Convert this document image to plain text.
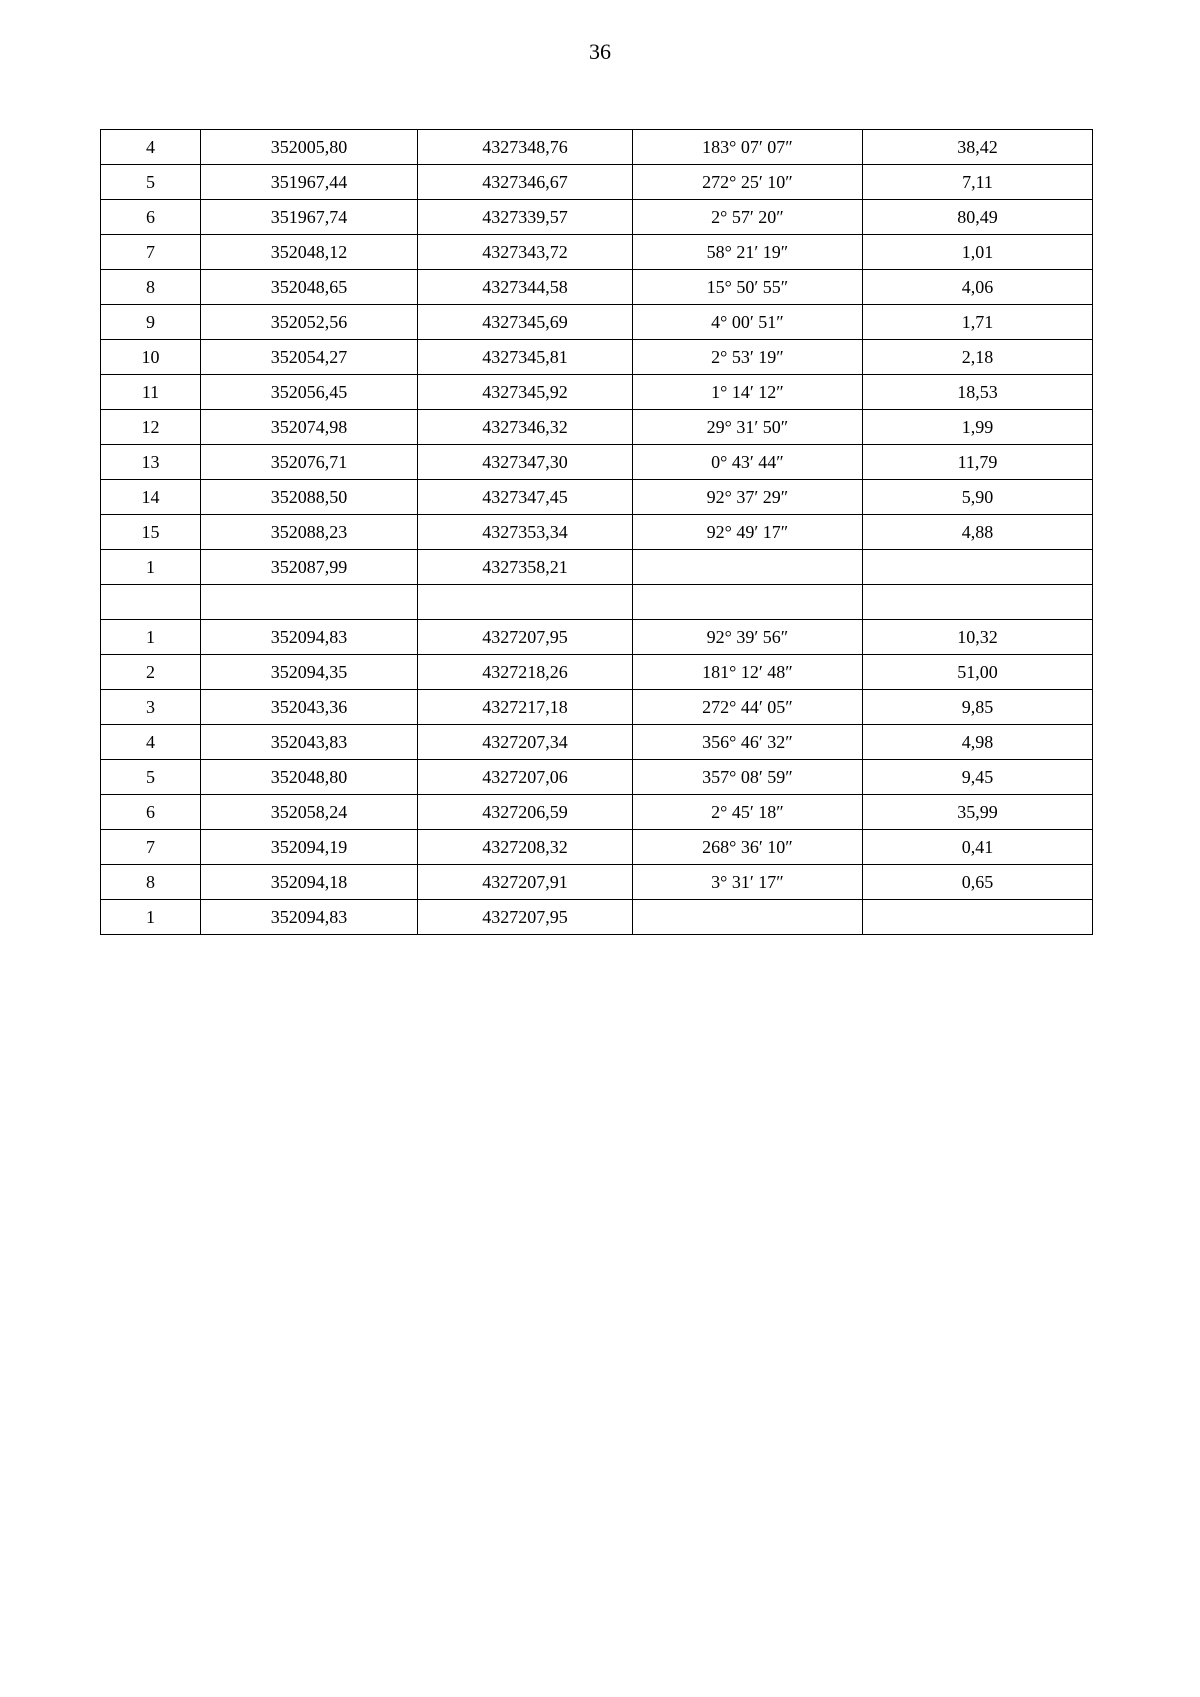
36
4	352005,80	4327348,76	183° 07′ 07″	38,42
5	351967,44	4327346,67	272° 25′ 10″	7,11
6	351967,74	4327339,57	2° 57′ 20″	80,49
7	352048,12	4327343,72	58° 21′ 19″	1,01
8	352048,65	4327344,58	15° 50′ 55″	4,06
9	352052,56	4327345,69	4° 00′ 51″	1,71
10	352054,27	4327345,81	2° 53′ 19″	2,18
11	352056,45	4327345,92	1° 14′ 12″	18,53
12	352074,98	4327346,32	29° 31′ 50″	1,99
13	352076,71	4327347,30	0° 43′ 44″	11,79
14	352088,50	4327347,45	92° 37′ 29″	5,90
15	352088,23	4327353,34	92° 49′ 17″	4,88
1	352087,99	4327358,21		

1	352094,83	4327207,95	92° 39′ 56″	10,32
2	352094,35	4327218,26	181° 12′ 48″	51,00
3	352043,36	4327217,18	272° 44′ 05″	9,85
4	352043,83	4327207,34	356° 46′ 32″	4,98
5	352048,80	4327207,06	357° 08′ 59″	9,45
6	352058,24	4327206,59	2° 45′ 18″	35,99
7	352094,19	4327208,32	268° 36′ 10″	0,41
8	352094,18	4327207,91	3° 31′ 17″	0,65
1	352094,83	4327207,95		
